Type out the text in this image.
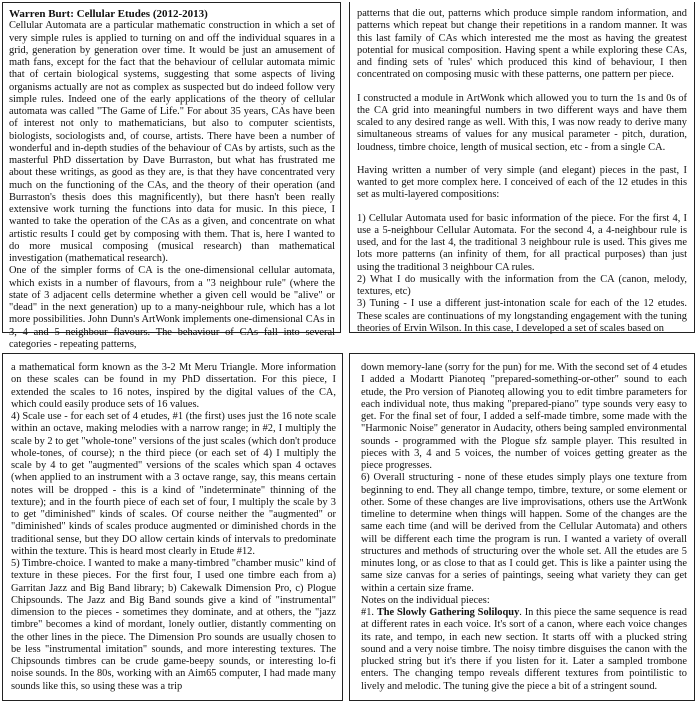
Warren Burt: Cellular Etudes (2012-2013)

Cellular Automata are a particular mathematic construction in which a set of very simple rules is applied to turning on and off the individual squares in a grid, generation by generation over time. It would be just an amusement of math fans, except for the fact that the behaviour of cellular automata mimic that of certain biological systems, suggesting that some aspects of living organisms actually are not as complex as suspected but do indeed follow very simple rules. Indeed one of the early applications of the theory of cellular automata was called "The Game of Life." For about 35 years, CAs have been of interest not only to mathematicians, but also to computer scientists, biologists, sociologists and, of course, artists. There have been a number of wonderful and in-depth studies of the behaviour of CAs by artists, such as the masterful PhD dissertation by Dave Burraston, but what has frustrated me about these writings, as good as they are, is that they have concentrated very much on the functioning of the CAs, and the theory of their operation (and Burraston's thesis does this magnificently), but there hasn't been really extensive work turning the functions into data for music. In this piece, I wanted to take the operation of the CAs as a given, and concentrate on what artistic results I could get by composing with them. That is, here I wanted to do more musical composing (musical research) than mathematical investigation (mathematical research).

One of the simpler forms of CA is the one-dimensional cellular automata, which exists in a number of flavours, from a "3 neighbour rule" (where the state of 3 adjacent cells determine whether a given cell would be "alive" or "dead" in the next generation) up to a many-neighbour rule, which has a lot more possibilities. John Dunn's ArtWonk implements one-dimensional CAs in 3, 4 and 5 neighbour flavours. The behaviour of CAs fall into several categories - repeating patterns,

patterns that die out, patterns which produce simple random information, and patterns which repeat but change their repetitions in a random manner. It was this last family of CAs which interested me the most as having the greatest potential for musical composition. Having spent a while exploring these CAs, and finding sets of 'rules' which produced this kind of behaviour, I then concentrated on composing music with these patterns, one pattern per piece.

I constructed a module in ArtWonk which allowed you to turn the 1s and 0s of the CA grid into meaningful numbers in two different ways and have them scaled to any desired range as well. With this, I was now ready to derive many simultaneous streams of values for any musical parameter - pitch, duration, loudness, timbre choice, length of musical section, etc - from a single CA.

Having written a number of very simple (and elegant) pieces in the past, I wanted to get more complex here. I conceived of each of the 12 etudes in this set as multi-layered compositions:

1) Cellular Automata used for basic information of the piece. For the first 4, I use a 5-neighbour Cellular Automata. For the second 4, a 4-neighbour rule is used, and for the last 4, the traditional 3 neighbour rule is used. This gives me lots more patterns (an infinity of them, for all practical purposes) than just using the traditional 3 neighbour CA rules.

2) What I do musically with the information from the CA (canon, melody, textures, etc)

3) Tuning - I use a different just-intonation scale for each of the 12 etudes. These scales are continuations of my longstanding engagement with the tuning theories of Ervin Wilson. In this case, I developed a set of scales based on

a mathematical form known as the 3-2 Mt Meru Triangle. More information on these scales can be found in my PhD dissertation. For this piece, I extended the scales to 16 notes, inspired by the digital values of the CA, which could easily produce sets of 16 values.

4) Scale use - for each set of 4 etudes, #1 (the first) uses just the 16 note scale within an octave, making melodies with a narrow range; in #2, I multiply the scale by 2 to get "whole-tone" versions of the just scales (which don't produce whole-tones, of course); n the third piece (or each set of 4) I multiply the scale by 4 to get "augmented" versions of the scales which span 4 octaves (when applied to an instrument with a 3 octave range, say, this means certain notes will be dropped - this is a kind of "indeterminate" thinning of the texture); and in the fourth piece of each set of four, I multiply the scale by 3 to get "diminished" kinds of scales. Of course neither the "augmented" or "diminished" kinds of scales produce augmented or diminished chords in the traditional sense, but they DO allow certain kinds of intervals to predominate within the texture. This is heard most clearly in Etude #12.

5) Timbre-choice. I wanted to make a many-timbred "chamber music" kind of texture in these pieces. For the first four, I used one timbre each from a) Garritan Jazz and Big Band library; b) Cakewalk Dimension Pro, c) Plogue Chipsounds. The Jazz and Big Band sounds give a kind of "instrumental" dimension to the pieces - sometimes they dominate, and at others, the "jazz timbre" becomes a kind of mordant, lonely outlier, distantly commenting on the other lines in the piece. The Dimension Pro sounds are usually chosen to be less "instrumental imitation" sounds, and more interesting textures. The Chipsounds timbres can be crude game-beepy sounds, or interesting lo-fi noise sounds. In the 80s, working with an Aim65 computer, I had made many sounds like this, so using these was a trip

down memory-lane (sorry for the pun) for me. With the second set of 4 etudes I added a Modartt Pianoteq "prepared-something-or-other" sound to each etude, the Pro version of Pianoteq allowing you to edit timbre parameters for each individual note, thus making "prepared-piano" type sounds very easy to get. For the final set of four, I added a self-made timbre, some made with the "Harmonic Noise" generator in Audacity, others being sampled environmental sounds - programmed with the Plogue sfz sample player. This resulted in pieces with 3, 4 and 5 voices, the number of voices getting greater as the piece progresses.

6) Overall structuring - none of these etudes simply plays one texture from beginning to end. They all change tempo, timbre, texture, or some element or other. Some of these changes are live improvisations, others use the ArtWonk timeline to determine when things will happen. Some of the changes are the same each time (and will be derived from the Cellular Automata) and others will be different each time the program is run. I wanted a variety of overall structures and methods of structuring over the whole set. All the etudes are 5 minutes long, or as close to that as I could get. This is like a painter using the same size canvas for a series of paintings, seeing what variety they can get within a certain size frame.

Notes on the individual pieces:

#1. The Slowly Gathering Soliloquy. In this piece the same sequence is read at different rates in each voice. It's sort of a canon, where each voice changes its rate, and tempo, in each new section. It starts off with a plucked string sound and a very noise timbre. The noisy timbre disguises the canon with the plucked string but it's there if you listen for it. Later a sampled trombone enters. The changing tempo reveals different textures from pointilistic to lively and melodic. The tuning give the piece a bit of a stringent sound.
